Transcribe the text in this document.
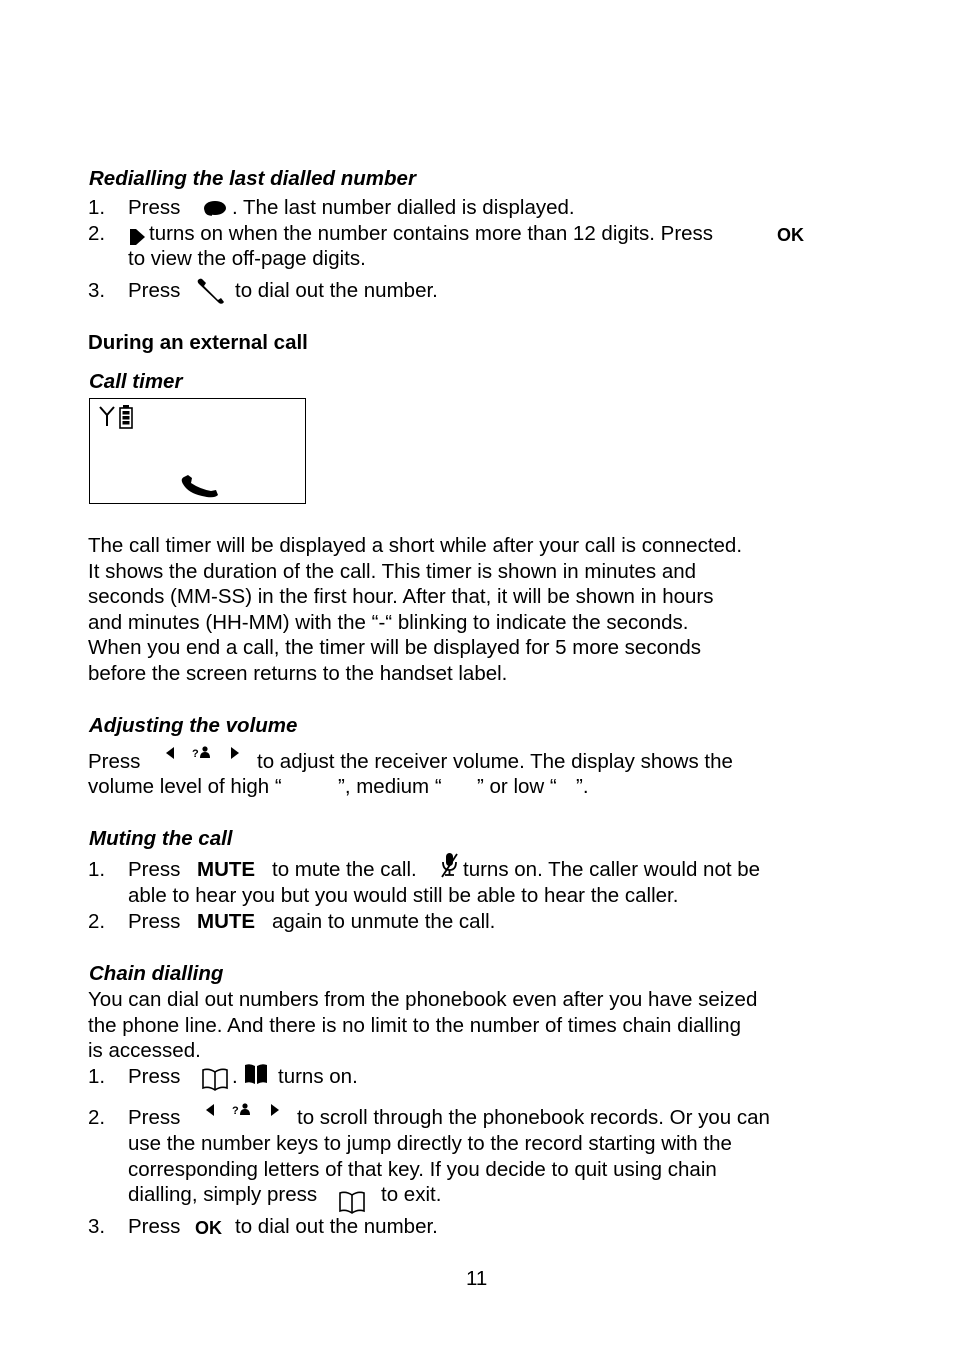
Redialling the last dialled number
1. Press	. The last number dialled is displayed.
2. turns on when the number contains more than 12 digits. Press	OK
to view the off-page digits.
3. Press	to dial out the number.
During an external call
Call timer
The call timer will be displayed a short while after your call is connected.
It shows the duration of the call. This timer is shown in minutes and
seconds (MM-SS) in the first hour. After that, it will be shown in hours
and minutes (HH-MM) with the “-“ blinking to indicate the seconds.
When you end a call, the timer will be displayed for 5 more seconds
before the screen returns to the handset label.
Adjusting the volume
Press	?	to adjust the receiver volume. The display shows the
volume level of high “	”, medium “ ” or low “ ”.
Muting the call
1. Press MUTE to mute the call. turns on. The caller would not be
able to hear you but you would still be able to hear the caller.
2. Press MUTE again to unmute the call.
Chain dialling
You can dial out numbers from the phonebook even after you have seized
the phone line. And there is no limit to the number of times chain dialling
is accessed.
1. Press	. turns on.
2. Press	?	to scroll through the phonebook records. Or you can
use the number keys to jump directly to the record starting with the
corresponding letters of that key. If you decide to quit using chain
dialling, simply press	to exit.
3. Press OK to dial out the number.
11
